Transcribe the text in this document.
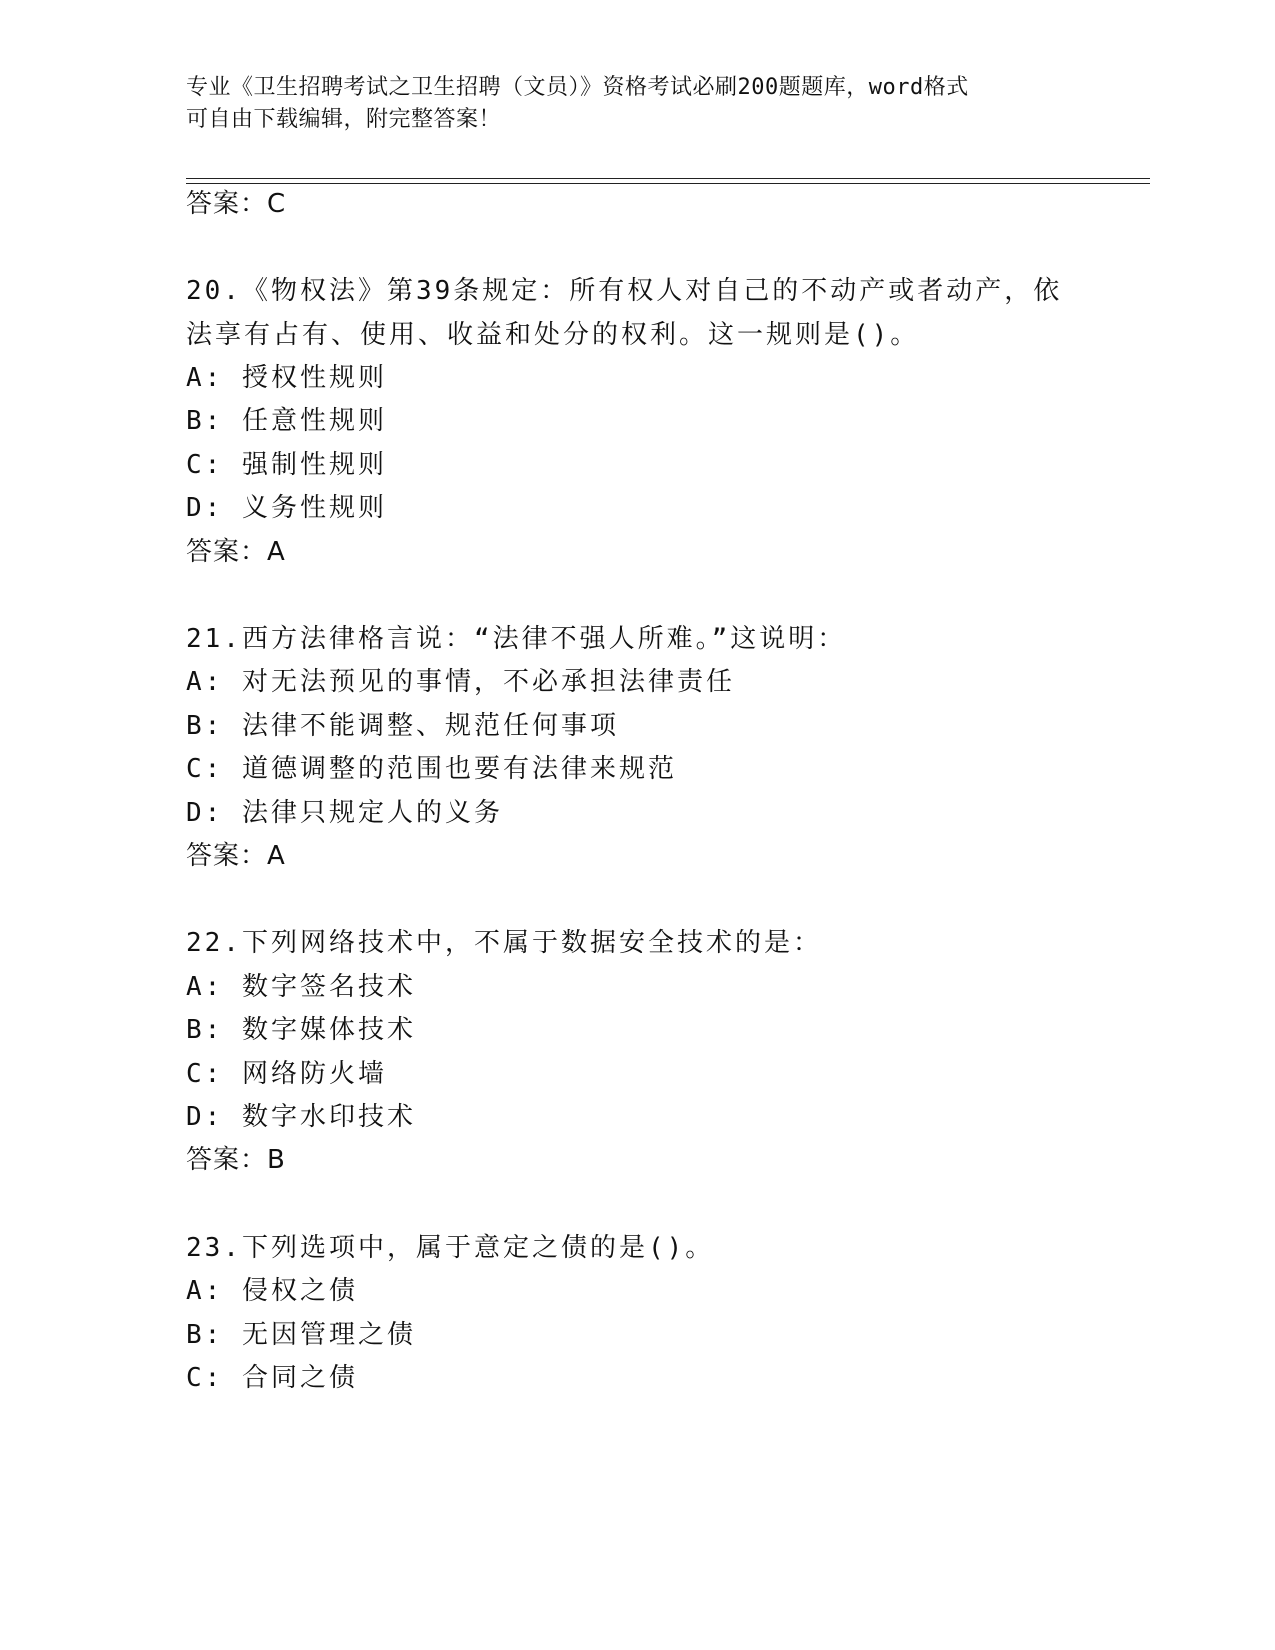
专业《卫生招聘考试之卫生招聘（文员）》资格考试必刷200题题库，word格式
可自由下载编辑，附完整答案！
答案：C
20.《物权法》第39条规定：所有权人对自己的不动产或者动产，依
法享有占有、使用、收益和处分的权利。这一规则是()。
A: 授权性规则
B: 任意性规则
C: 强制性规则
D: 义务性规则
答案：A
21.西方法律格言说：“法律不强人所难。”这说明：
A: 对无法预见的事情，不必承担法律责任
B: 法律不能调整、规范任何事项
C: 道德调整的范围也要有法律来规范
D: 法律只规定人的义务
答案：A
22.下列网络技术中，不属于数据安全技术的是：
A: 数字签名技术
B: 数字媒体技术
C: 网络防火墙
D: 数字水印技术
答案：B
23.下列选项中，属于意定之债的是()。
A: 侵权之债
B: 无因管理之债
C: 合同之债
